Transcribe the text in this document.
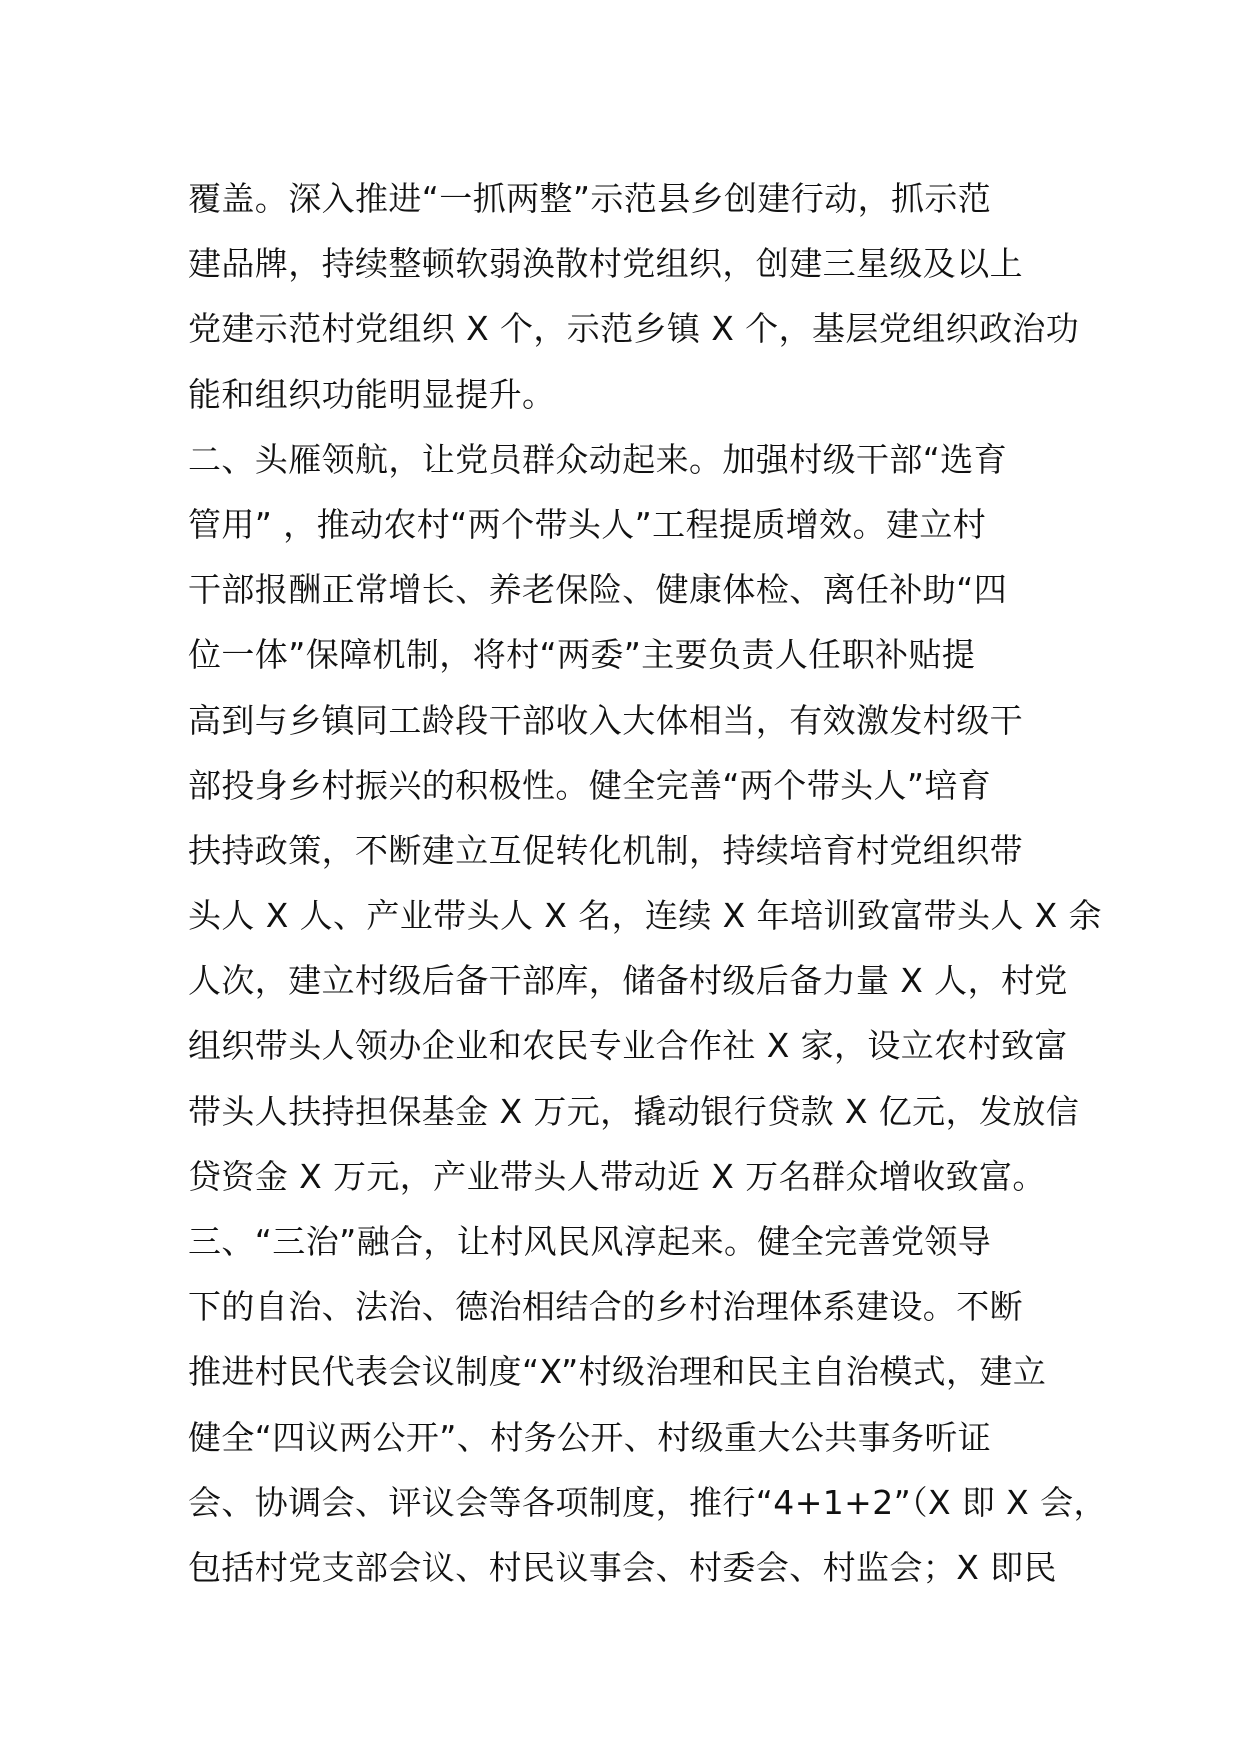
覆盖。深入推进“一抓两整”示范县乡创建行动，抓示范
建品牌，持续整顿软弱涣散村党组织，创建三星级及以上
党建示范村党组织 X 个，示范乡镇 X 个，基层党组织政治功
能和组织功能明显提升。
二、头雁领航，让党员群众动起来。加强村级干部“选育
管用” ，推动农村“两个带头人”工程提质增效。建立村
干部报酬正常增长、养老保险、健康体检、离任补助“四
位一体”保障机制，将村“两委”主要负责人任职补贴提
高到与乡镇同工龄段干部收入大体相当，有效激发村级干
部投身乡村振兴的积极性。健全完善“两个带头人”培育
扶持政策，不断建立互促转化机制，持续培育村党组织带
头人 X 人、产业带头人 X 名，连续 X 年培训致富带头人 X 余
人次，建立村级后备干部库，储备村级后备力量 X 人，村党
组织带头人领办企业和农民专业合作社 X 家，设立农村致富
带头人扶持担保基金 X 万元，撬动银行贷款 X 亿元，发放信
贷资金 X 万元，产业带头人带动近 X 万名群众增收致富。
三、“三治”融合，让村风民风淳起来。健全完善党领导
下的自治、法治、德治相结合的乡村治理体系建设。不断
推进村民代表会议制度“X”村级治理和民主自治模式，建立
健全“四议两公开”、村务公开、村级重大公共事务听证
会、协调会、评议会等各项制度，推行“4+1+2”（X 即 X 会，
包括村党支部会议、村民议事会、村委会、村监会；X 即民
